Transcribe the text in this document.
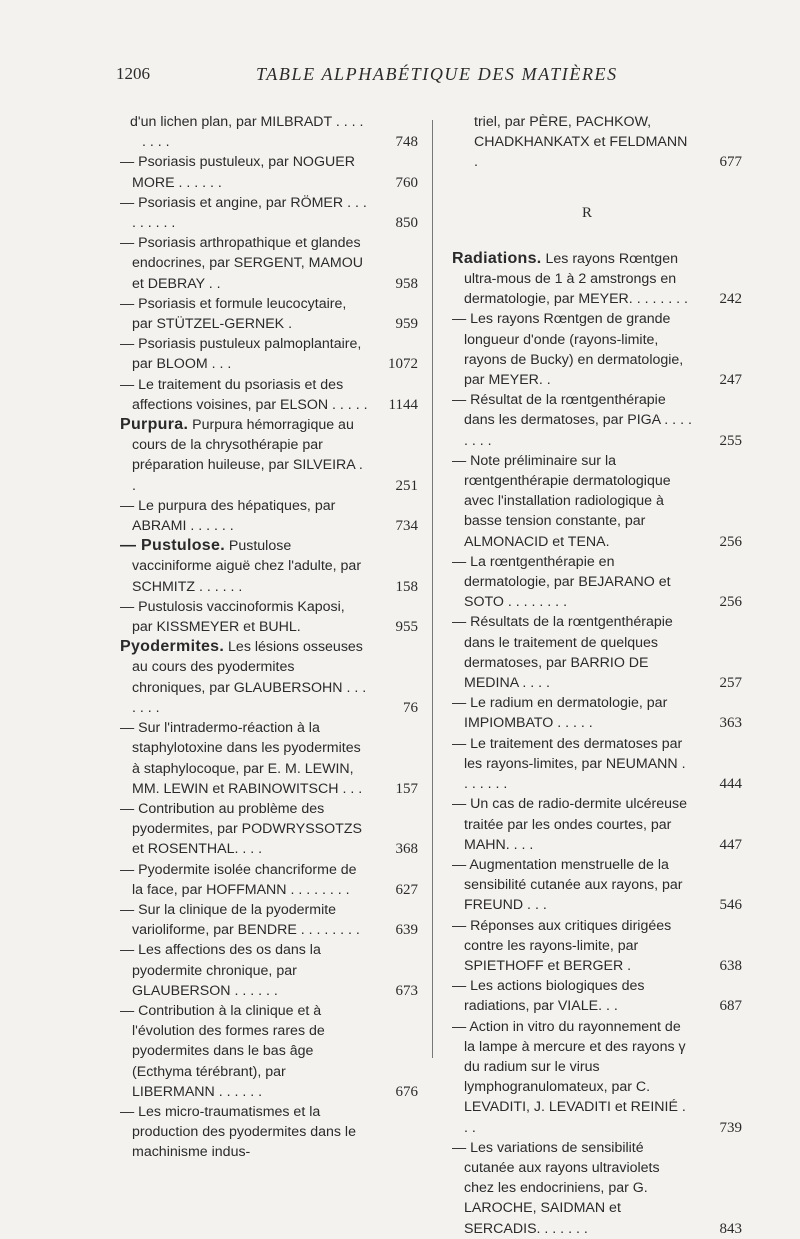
1206	TABLE ALPHABÉTIQUE DES MATIÈRES
d'un lichen plan, par MILBRADT . . . . . . . .	748
— Psoriasis pustuleux, par NOGUER MORE . . . . . .	760
— Psoriasis et angine, par RÖMER . . . . . . . . .	850
— Psoriasis arthropathique et glandes endocrines, par SERGENT, MAMOU et DEBRAY . .	958
— Psoriasis et formule leucocytaire, par STÜTZEL-GERNEK .	959
— Psoriasis pustuleux palmoplantaire, par BLOOM . . .	1072
— Le traitement du psoriasis et des affections voisines, par ELSON . . . . .	1144
Purpura. Purpura hémorragique au cours de la chrysothérapie par préparation huileuse, par SILVEIRA . .	251
— Le purpura des hépatiques, par ABRAMI . . . . . .	734
— Pustulose. Pustulose vacciniforme aiguë chez l'adulte, par SCHMITZ . . . . . .	158
— Pustulosis vaccinoformis Kaposi, par KISSMEYER et BUHL.	955
Pyodermites. Les lésions osseuses au cours des pyodermites chroniques, par GLAUBERSOHN . . . . . . .	76
— Sur l'intradermo-réaction à la staphylotoxine dans les pyodermites à staphylocoque, par E. M. LEWIN, MM. LEWIN et RABINOWITSCH . . .	157
— Contribution au problème des pyodermites, par PODWRYSSOTZS et ROSENTHAL. . . .	368
— Pyodermite isolée chancriforme de la face, par HOFFMANN . . . . . . . .	627
— Sur la clinique de la pyodermite varioliforme, par BENDRE . . . . . . . .	639
— Les affections des os dans la pyodermite chronique, par GLAUBERSON . . . . . .	673
— Contribution à la clinique et à l'évolution des formes rares de pyodermites dans le bas âge (Ecthyma térébrant), par LIBERMANN . . . . . .	676
— Les micro-traumatismes et la production des pyodermites dans le machinisme indus-
triel, par PÈRE, PACHKOW, CHADKHANKATX et FELDMANN .	677
R
Radiations. Les rayons Rœntgen ultra-mous de 1 à 2 amstrongs en dermatologie, par MEYER. . . . . . . .	242
— Les rayons Rœntgen de grande longueur d'onde (rayons-limite, rayons de Bucky) en dermatologie, par MEYER. .	247
— Résultat de la rœntgenthérapie dans les dermatoses, par PIGA . . . . . . . .	255
— Note préliminaire sur la rœntgenthérapie dermatologique avec l'installation radiologique à basse tension constante, par ALMONACID et TENA.	256
— La rœntgenthérapie en dermatologie, par BEJARANO et SOTO . . . . . . . .	256
— Résultats de la rœntgenthérapie dans le traitement de quelques dermatoses, par BARRIO DE MEDINA . . . .	257
— Le radium en dermatologie, par IMPIOMBATO . . . . .	363
— Le traitement des dermatoses par les rayons-limites, par NEUMANN . . . . . . .	444
— Un cas de radio-dermite ulcéreuse traitée par les ondes courtes, par MAHN. . . .	447
— Augmentation menstruelle de la sensibilité cutanée aux rayons, par FREUND . . .	546
— Réponses aux critiques dirigées contre les rayons-limite, par SPIETHOFF et BERGER .	638
— Les actions biologiques des radiations, par VIALE. . .	687
— Action in vitro du rayonnement de la lampe à mercure et des rayons γ du radium sur le virus lymphogranulomateux, par C. LEVADITI, J. LEVADITI et REINIÉ . . .	739
— Les variations de sensibilité cutanée aux rayons ultraviolets chez les endocriniens, par G. LAROCHE, SAIDMAN et SERCADIS. . . . . . .	843
